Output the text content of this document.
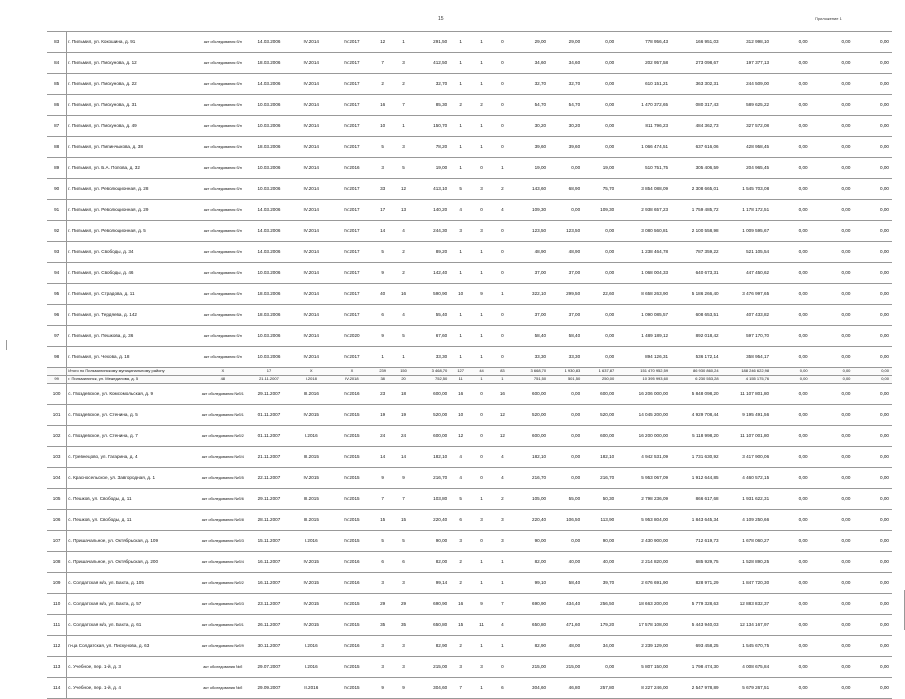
15	Приложение 1
83	г. Пильмил, ул. Кокошина, д. 91	акт обследования б/н	14.03.2006	IV.2014	IV.2017	12	1	291,50	1	1	0	29,00	29,00	0,00	778 956,43	166 951,03	312 998,10	0,00	0,00	0,00
84	г. Пильмил, ул. Пискунова, д. 12	акт обследования б/н	18.03.2006	IV.2014	IV.2017	7	3	412,50	1	1	0	34,60	34,60	0,00	202 957,58	273 098,67	197 377,13	0,00	0,00	0,00
85	г. Пильмил, ул. Пискунова, д. 22	акт обследования б/н	14.03.2006	IV.2014	IV.2017	2	2	32,70	1	1	0	32,70	32,70	0,00	610 151,21	363 302,31	244 509,00	0,00	0,00	0,00
86	г. Пильмил, ул. Пискунова, д. 31	акт обследования б/н	10.03.2006	IV.2014	IV.2017	16	7	85,30	2	2	0	54,70	54,70	0,00	1 470 372,65	080 317,43	589 625,22	0,00	0,00	0,00
87	г. Пильмил, ул. Пискунова, д. 49	акт обследования б/н	10.03.2006	IV.2014	IV.2017	10	1	150,70	1	1	0	30,20	30,20	0,00	811 796,23	484 362,73	327 572,08	0,00	0,00	0,00
88	г. Пильмил, ул. Пипинчыкова, д. 38	акт обследования б/н	18.03.2006	IV.2014	IV.2017	5	3	78,20	1	1	0	39,60	39,60	0,00	1 066 474,51	637 616,06	428 958,45	0,00	0,00	0,00
89	г. Пильмил, ул. Б.А. Попова, д. 32	акт обследования б/н	10.03.2006	IV.2014	IV.2016	3	5	19,00	1	0	1	19,00	0,00	19,00	510 751,75	305 406,59	204 965,45	0,00	0,00	0,00
90	г. Пильмил, ул. Революционная, д. 28	акт обследования б/н	10.03.2006	IV.2014	IV.2017	33	12	413,10	5	3	2	143,60	68,90	75,70	3 854 088,09	2 308 665,01	1 545 703,08	0,00	0,00	0,00
91	г. Пильмил, ул. Революционная, д. 29	акт обследования б/н	14.03.2006	IV.2014	IV.2017	17	13	140,20	4	0	4	109,30	0,00	109,30	2 938 657,23	1 759 485,72	1 178 172,51	0,00	0,00	0,00
92	г. Пильмил, ул. Революционная, д. 5	акт обследования б/н	14.03.2006	IV.2014	IV.2017	14	4	244,30	3	3	0	123,50	123,50	0,00	3 080 560,81	2 100 558,98	1 009 595,67	0,00	0,00	0,00
93	г. Пильмил, ул. Свободы, д. 34	акт обследования б/н	14.03.2006	IV.2014	IV.2017	5	2	89,20	1	1	0	48,90	48,90	0,00	1 238 464,78	787 359,22	521 105,54	0,00	0,00	0,00
94	г. Пильмил, ул. Свободы, д. 46	акт обследования б/н	10.03.2006	IV.2014	IV.2017	9	2	142,40	1	1	0	37,00	37,00	0,00	1 068 004,33	640 673,31	447 450,62	0,00	0,00	0,00
95	г. Пильмил, ул. Страдова, д. 11	акт обследования б/н	18.03.2006	IV.2014	IV.2017	40	16	590,90	10	9	1	322,10	299,50	22,60	8 658 263,90	5 186 266,40	3 476 997,65	0,00	0,00	0,00
96	г. Пильмил, ул. Тердяева, д. 142	акт обследования б/н	18.03.2006	IV.2014	IV.2017	6	4	55,40	1	1	0	37,00	37,00	0,00	1 090 085,57	608 653,51	407 433,82	0,00	0,00	0,00
97	г. Пильмил, ул. Пешкова, д. 36	акт обследования б/н	10.03.2006	IV.2014	IV.2020	9	5	67,60	1	1	0	58,40	58,40	0,00	1 489 189,12	892 018,42	597 170,70	0,00	0,00	0,00
98	г. Пильмил, ул. Чехова, д. 18	акт обследования б/н	10.03.2006	IV.2014	IV.2017	1	1	33,30	1	1	0	33,30	33,30	0,00	894 126,31	536 172,14	358 954,17	0,00	0,00	0,00
	Итого по Пильмилинскому муниципальному району	X	17	X	X	239	150	3 468,70	127	44	83	3 668,70	1 930,83	1 637,87	151 470 952,59	86 930 860,24	188 246 622,98	0,00	0,00	0,00
99	г. Пильмилинск, ул. Межедилова, д. 5	48	21.11.2007	I.2018	IV.2018	38	20	752,50	11	1	1	751,50	501,50	250,00	10 395 993,60	6 230 553,28	4 155 175,76	0,00	0,00	0,00
100	с. Гвоздевское, ул. Комсомольская, д. 9	акт обследования №б/1	29.11.2007	III.2016	IV.2016	23	18	600,00	16	0	16	600,00	0,00	600,00	16 206 000,00	5 848 098,20	11 107 801,80	0,00	0,00	0,00
101	с. Гвоздевское, ул. Стенина, д. 5	акт обследования №б/1	01.11.2007	IV.2015	IV.2015	19	19	520,00	10	0	12	520,00	0,00	520,00	14 045 200,00	4 929 708,44	9 195 491,56	0,00	0,00	0,00
102	с. Гвоздевское, ул. Стенина, д. 7	акт обследования №б/2	01.11.2007	I.2016	IV.2015	24	24	600,00	12	0	12	600,00	0,00	600,00	16 200 000,00	5 118 998,20	11 107 001,80	0,00	0,00	0,00
103	с. Гревнецово, ул. Гагарина, д. 4	акт обследования №б/4	21.11.2007	III.2015	IV.2015	14	14	182,10	4	0	4	182,10	0,00	182,10	4 942 531,09	1 731 630,92	3 417 900,06	0,00	0,00	0,00
104	с. Красносельское, ул. Завгородная, д. 1	акт обследования №б/5	22.11.2007	IV.2015	IV.2015	9	9	216,70	4	0	4	216,70	0,00	216,70	5 953 067,09	1 912 644,85	4 460 572,15	0,00	0,00	0,00
105	с. Пешков, ул. Свободы, д. 11	акт обследования №б/6	29.11.2007	III.2015	IV.2015	7	7	103,80	5	1	2	105,00	55,00	50,30	2 798 236,09	866 617,68	1 931 622,31	0,00	0,00	0,00
106	с. Пешков, ул. Свободы, д. 11	акт обследования №б/8	28.11.2007	III.2015	IV.2015	15	15	220,40	6	3	3	220,40	106,50	113,90	5 953 804,00	1 843 645,34	4 109 250,66	0,00	0,00	0,00
107	с. Пришачальное, ул. Октябрьская, д. 109	акт обследования №б/3	15.11.2007	I.2016	IV.2015	5	5	90,00	3	0	3	90,00	0,00	90,00	2 430 900,00	712 619,73	1 678 060,27	0,00	0,00	0,00
108	с. Пришачальное, ул. Октябрьская, д. 200	акт обследования №б/4	16.11.2007	IV.2015	IV.2016	6	6	82,00	2	1	1	82,00	40,00	40,00	2 214 820,00	685 929,75	1 528 890,25	0,00	0,00	0,00
109	с. Солдатская м/з, ул. Бахта, д. 105	акт обследования №б/2	16.11.2007	IV.2015	IV.2016	3	3	99,14	2	1	1	99,10	58,40	39,70	2 676 691,90	828 971,29	1 847 720,30	0,00	0,00	0,00
110	с. Солдатская м/з, ул. Бахта, д. 57	акт обследования №б/3	23.11.2007	IV.2015	IV.2015	29	29	690,90	16	9	7	690,90	434,40	256,50	18 663 200,00	5 779 328,63	12 883 832,37	0,00	0,00	0,00
111	с. Солдатская м/з, ул. Бахта, д. 61	акт обследования №б/1	26.11.2007	IV.2015	IV.2015	35	35	650,80	15	11	4	650,80	471,60	179,20	17 578 108,00	5 443 940,03	12 134 167,97	0,00	0,00	0,00
112	п-ца Солдатская, ул. Пискунова, д. 63	акт обследования №б/9	30.11.2007	I.2016	IV.2016	3	3	82,90	2	1	1	82,90	48,00	34,00	2 239 129,00	693 458,25	1 545 670,75	0,00	0,00	0,00
113	с. Учебное, пер. 1-й, д. 3	акт обследования №б	29.07.2007	I.2016	IV.2015	3	3	215,00	3	3	0	215,00	215,00	0,00	5 807 150,00	1 798 474,30	4 008 675,84	0,00	0,00	0,00
114	с. Учебное, пер. 1-й, д. 4	акт обследования №б	29.09.2007	II.2016	IV.2015	9	9	304,60	7	1	6	304,60	46,80	257,80	8 227 246,00	2 547 978,89	5 679 267,51	0,00	0,00	0,00
